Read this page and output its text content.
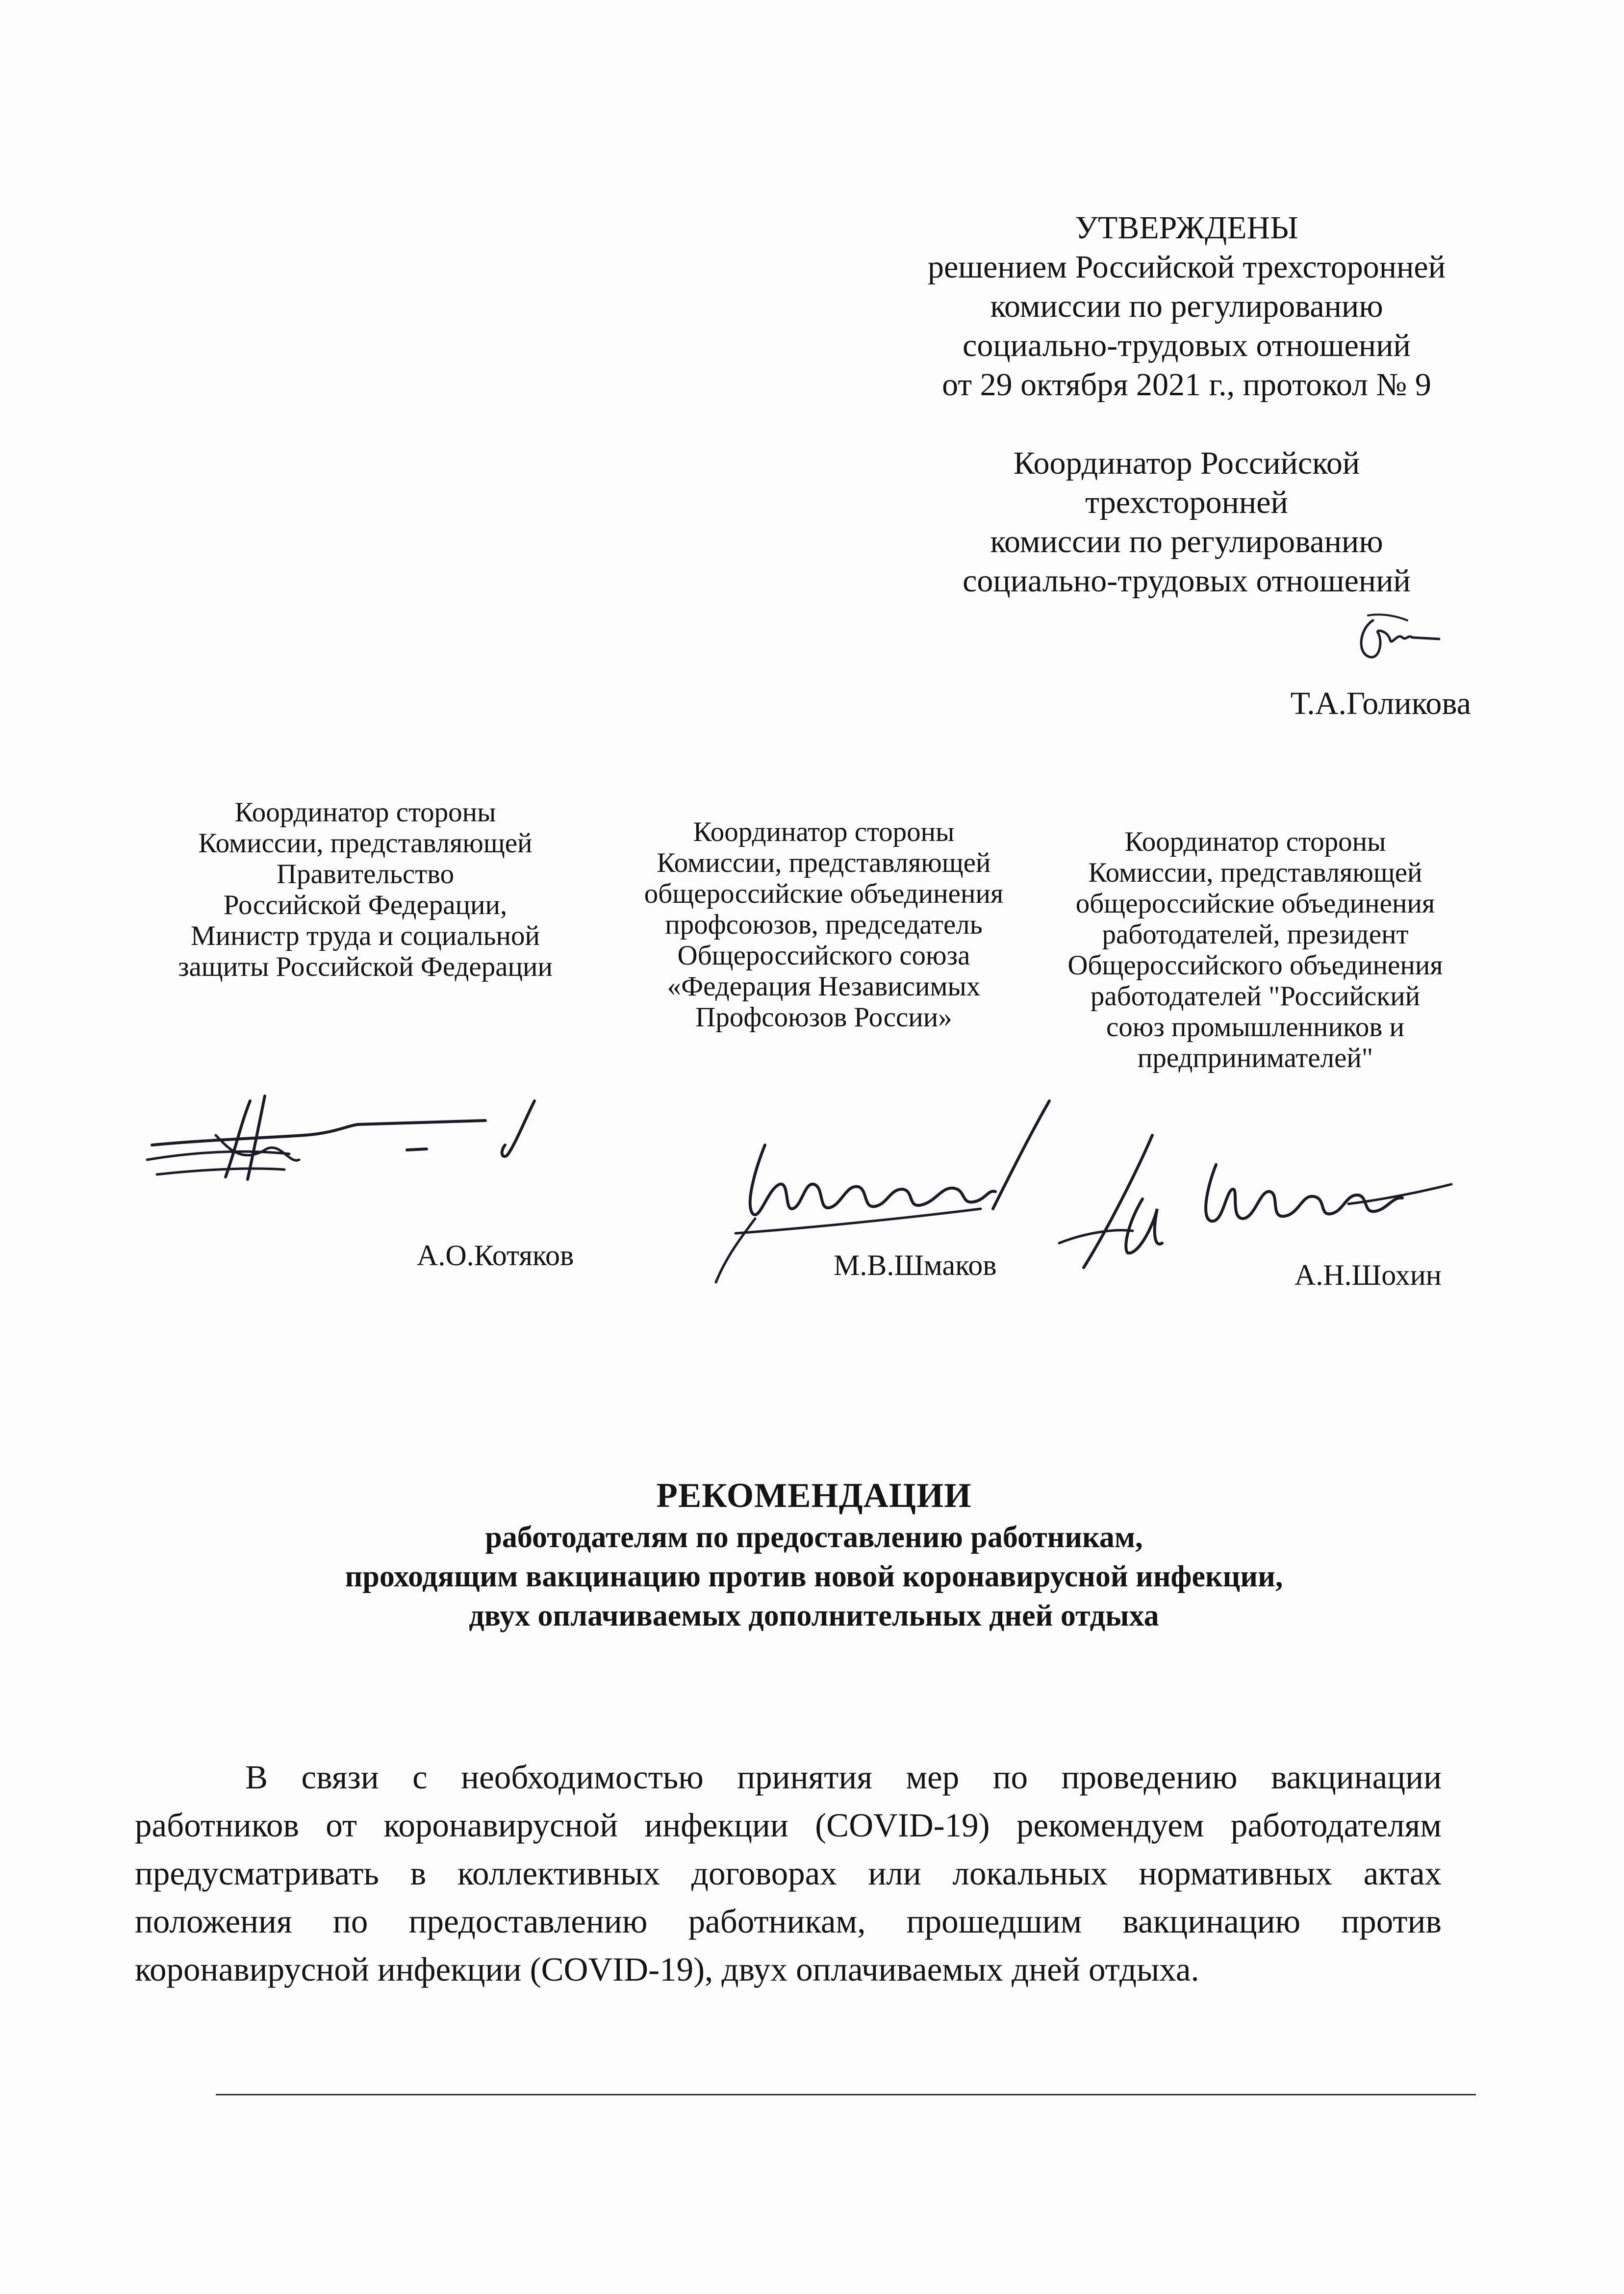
УТВЕРЖДЕНЫ
решением Российской трехсторонней
комиссии по регулированию
социально-трудовых отношений
от 29 октября 2021 г., протокол № 9
Координатор Российской
трехсторонней
комиссии по регулированию
социально-трудовых отношений
Т.А.Голикова
Координатор стороны
Комиссии, представляющей
Правительство
Российской Федерации,
Министр труда и социальной
защиты Российской Федерации
Координатор стороны
Комиссии, представляющей
общероссийские объединения
профсоюзов, председатель
Общероссийского союза
«Федерация Независимых
Профсоюзов России»
Координатор стороны
Комиссии, представляющей
общероссийские объединения
работодателей, президент
Общероссийского объединения
работодателей "Российский
союз промышленников и
предпринимателей"
А.О.Котяков	М.В.Шмаков	А.Н.Шохин
РЕКОМЕНДАЦИИ
работодателям по предоставлению работникам,
проходящим вакцинацию против новой коронавирусной инфекции,
двух оплачиваемых дополнительных дней отдыха
В связи с необходимостью принятия мер по проведению вакцинации
работников от коронавирусной инфекции (COVID-19) рекомендуем работодателям
предусматривать в коллективных договорах или локальных нормативных актах
положения по предоставлению работникам, прошедшим вакцинацию против
коронавирусной инфекции (COVID-19), двух оплачиваемых дней отдыха.
